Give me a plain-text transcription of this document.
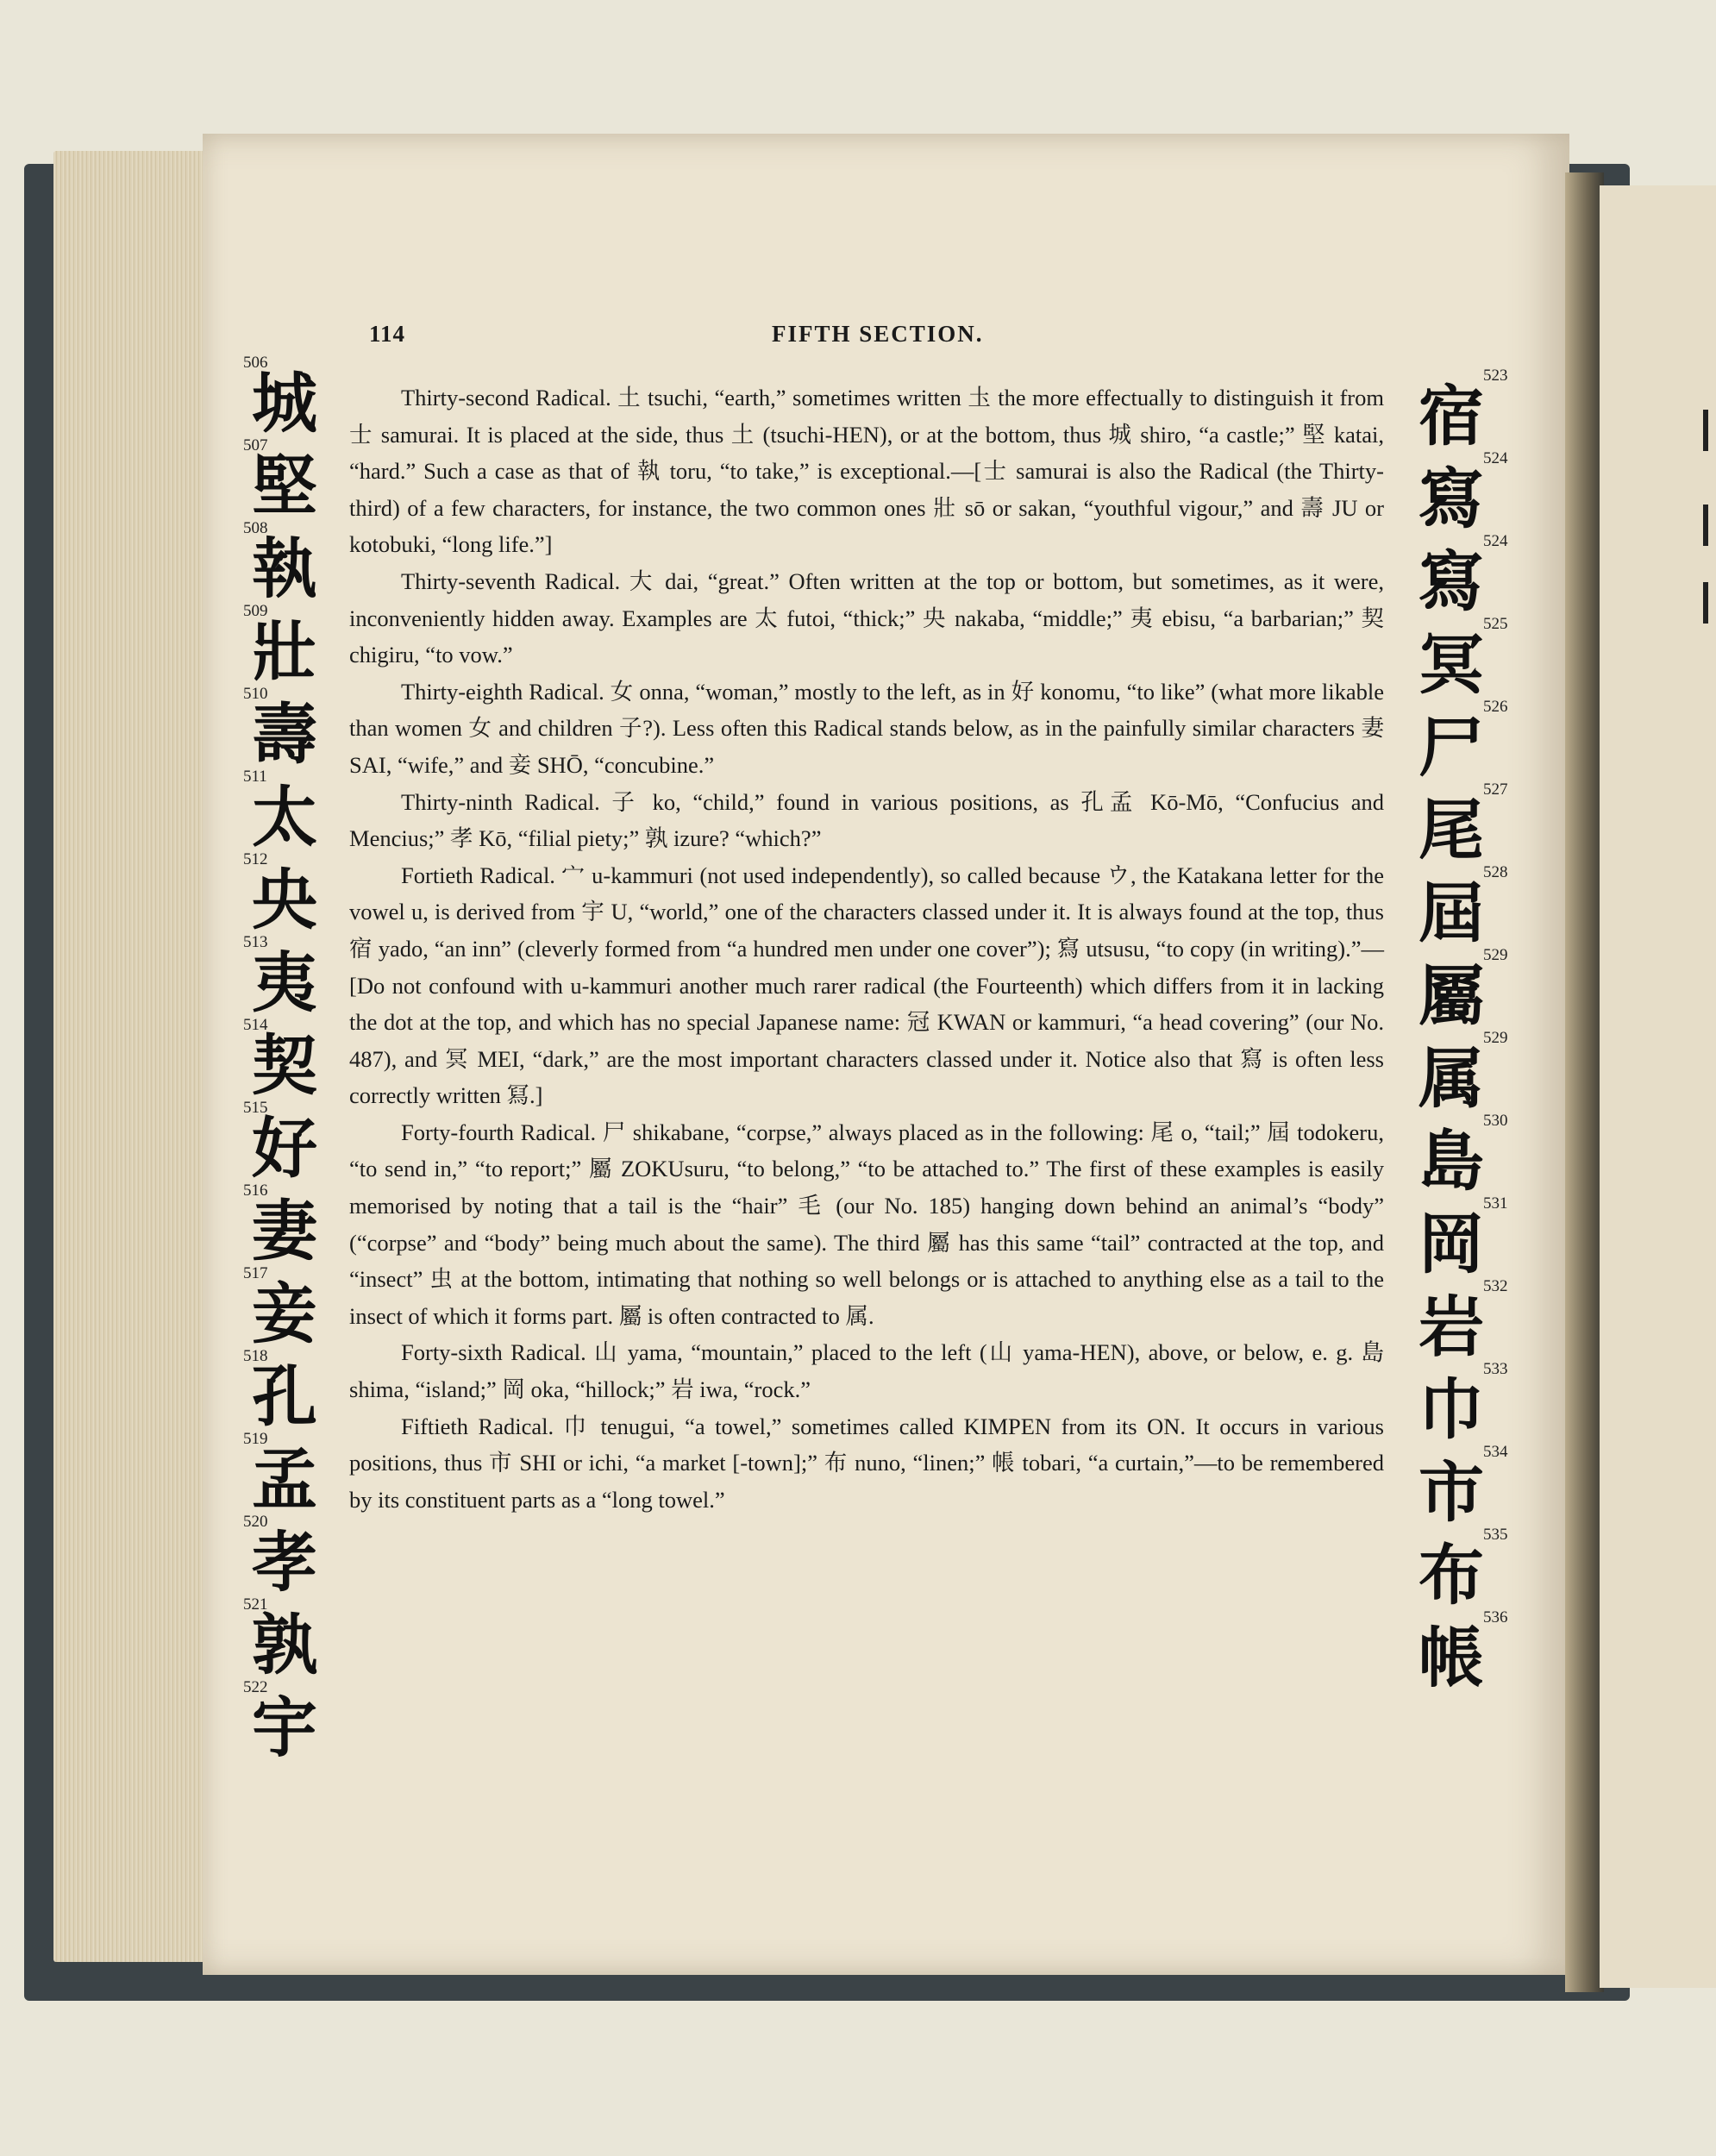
114	FIFTH SECTION.
506
城
507
堅
508
執
509
壯
510
壽
511
太
512
央
513
夷
514
契
515
好
516
妻
517
妾
518
孔
519
孟
520
孝
521
孰
522
宇
523
宿
524
寫
524
寫
525
冥
526
尸
527
尾
528
屆
529
屬
529
属
530
島
531
岡
532
岩
533
巾
534
市
535
布
536
帳

Thirty-second Radical. 土 tsuchi, “earth,” sometimes written 圡 the more effectually to distinguish it from 士 samurai. It is placed at the side, thus 土 (tsuchi-HEN), or at the bottom, thus 城 shiro, “a castle;” 堅 katai, “hard.” Such a case as that of 執 toru, “to take,” is exceptional.—[士 samurai is also the Radical (the Thirty-third) of a few characters, for instance, the two common ones 壯 sō or sakan, “youthful vigour,” and 壽 JU or kotobuki, “long life.”]

Thirty-seventh Radical. 大 dai, “great.” Often written at the top or bottom, but sometimes, as it were, inconveniently hidden away. Examples are 太 futoi, “thick;” 央 nakaba, “middle;” 夷 ebisu, “a barbarian;” 契 chigiru, “to vow.”

Thirty-eighth Radical. 女 onna, “woman,” mostly to the left, as in 好 konomu, “to like” (what more likable than women 女 and children 子?). Less often this Radical stands below, as in the painfully similar characters 妻 SAI, “wife,” and 妾 SHŌ, “concubine.”

Thirty-ninth Radical. 子 ko, “child,” found in various positions, as 孔孟 Kō-Mō, “Confucius and Mencius;” 孝 Kō, “filial piety;” 孰 izure? “which?”

Fortieth Radical. 宀 u-kammuri (not used independently), so called because ウ, the Katakana letter for the vowel u, is derived from 宇 U, “world,” one of the characters classed under it. It is always found at the top, thus 宿 yado, “an inn” (cleverly formed from “a hundred men under one cover”); 寫 utsusu, “to copy (in writing).”—[Do not confound with u-kammuri another much rarer radical (the Fourteenth) which differs from it in lacking the dot at the top, and which has no special Japanese name: 冠 KWAN or kammuri, “a head covering” (our No. 487), and 冥 MEI, “dark,” are the most important characters classed under it. Notice also that 寫 is often less correctly written 冩.]

Forty-fourth Radical. 尸 shikabane, “corpse,” always placed as in the following: 尾 o, “tail;” 屆 todokeru, “to send in,” “to report;” 屬 ZOKUsuru, “to belong,” “to be attached to.” The first of these examples is easily memorised by noting that a tail is the “hair” 毛 (our No. 185) hanging down behind an animal’s “body” (“corpse” and “body” being much about the same). The third 屬 has this same “tail” contracted at the top, and “insect” 虫 at the bottom, intimating that nothing so well belongs or is attached to anything else as a tail to the insect of which it forms part. 屬 is often contracted to 属.

Forty-sixth Radical. 山 yama, “mountain,” placed to the left (山 yama-HEN), above, or below, e. g. 島 shima, “island;” 岡 oka, “hillock;” 岩 iwa, “rock.”

Fiftieth Radical. 巾 tenugui, “a towel,” sometimes called KIMPEN from its ON. It occurs in various positions, thus 市 SHI or ichi, “a market [-town];” 布 nuno, “linen;” 帳 tobari, “a curtain,”—to be remembered by its constituent parts as a “long towel.”
